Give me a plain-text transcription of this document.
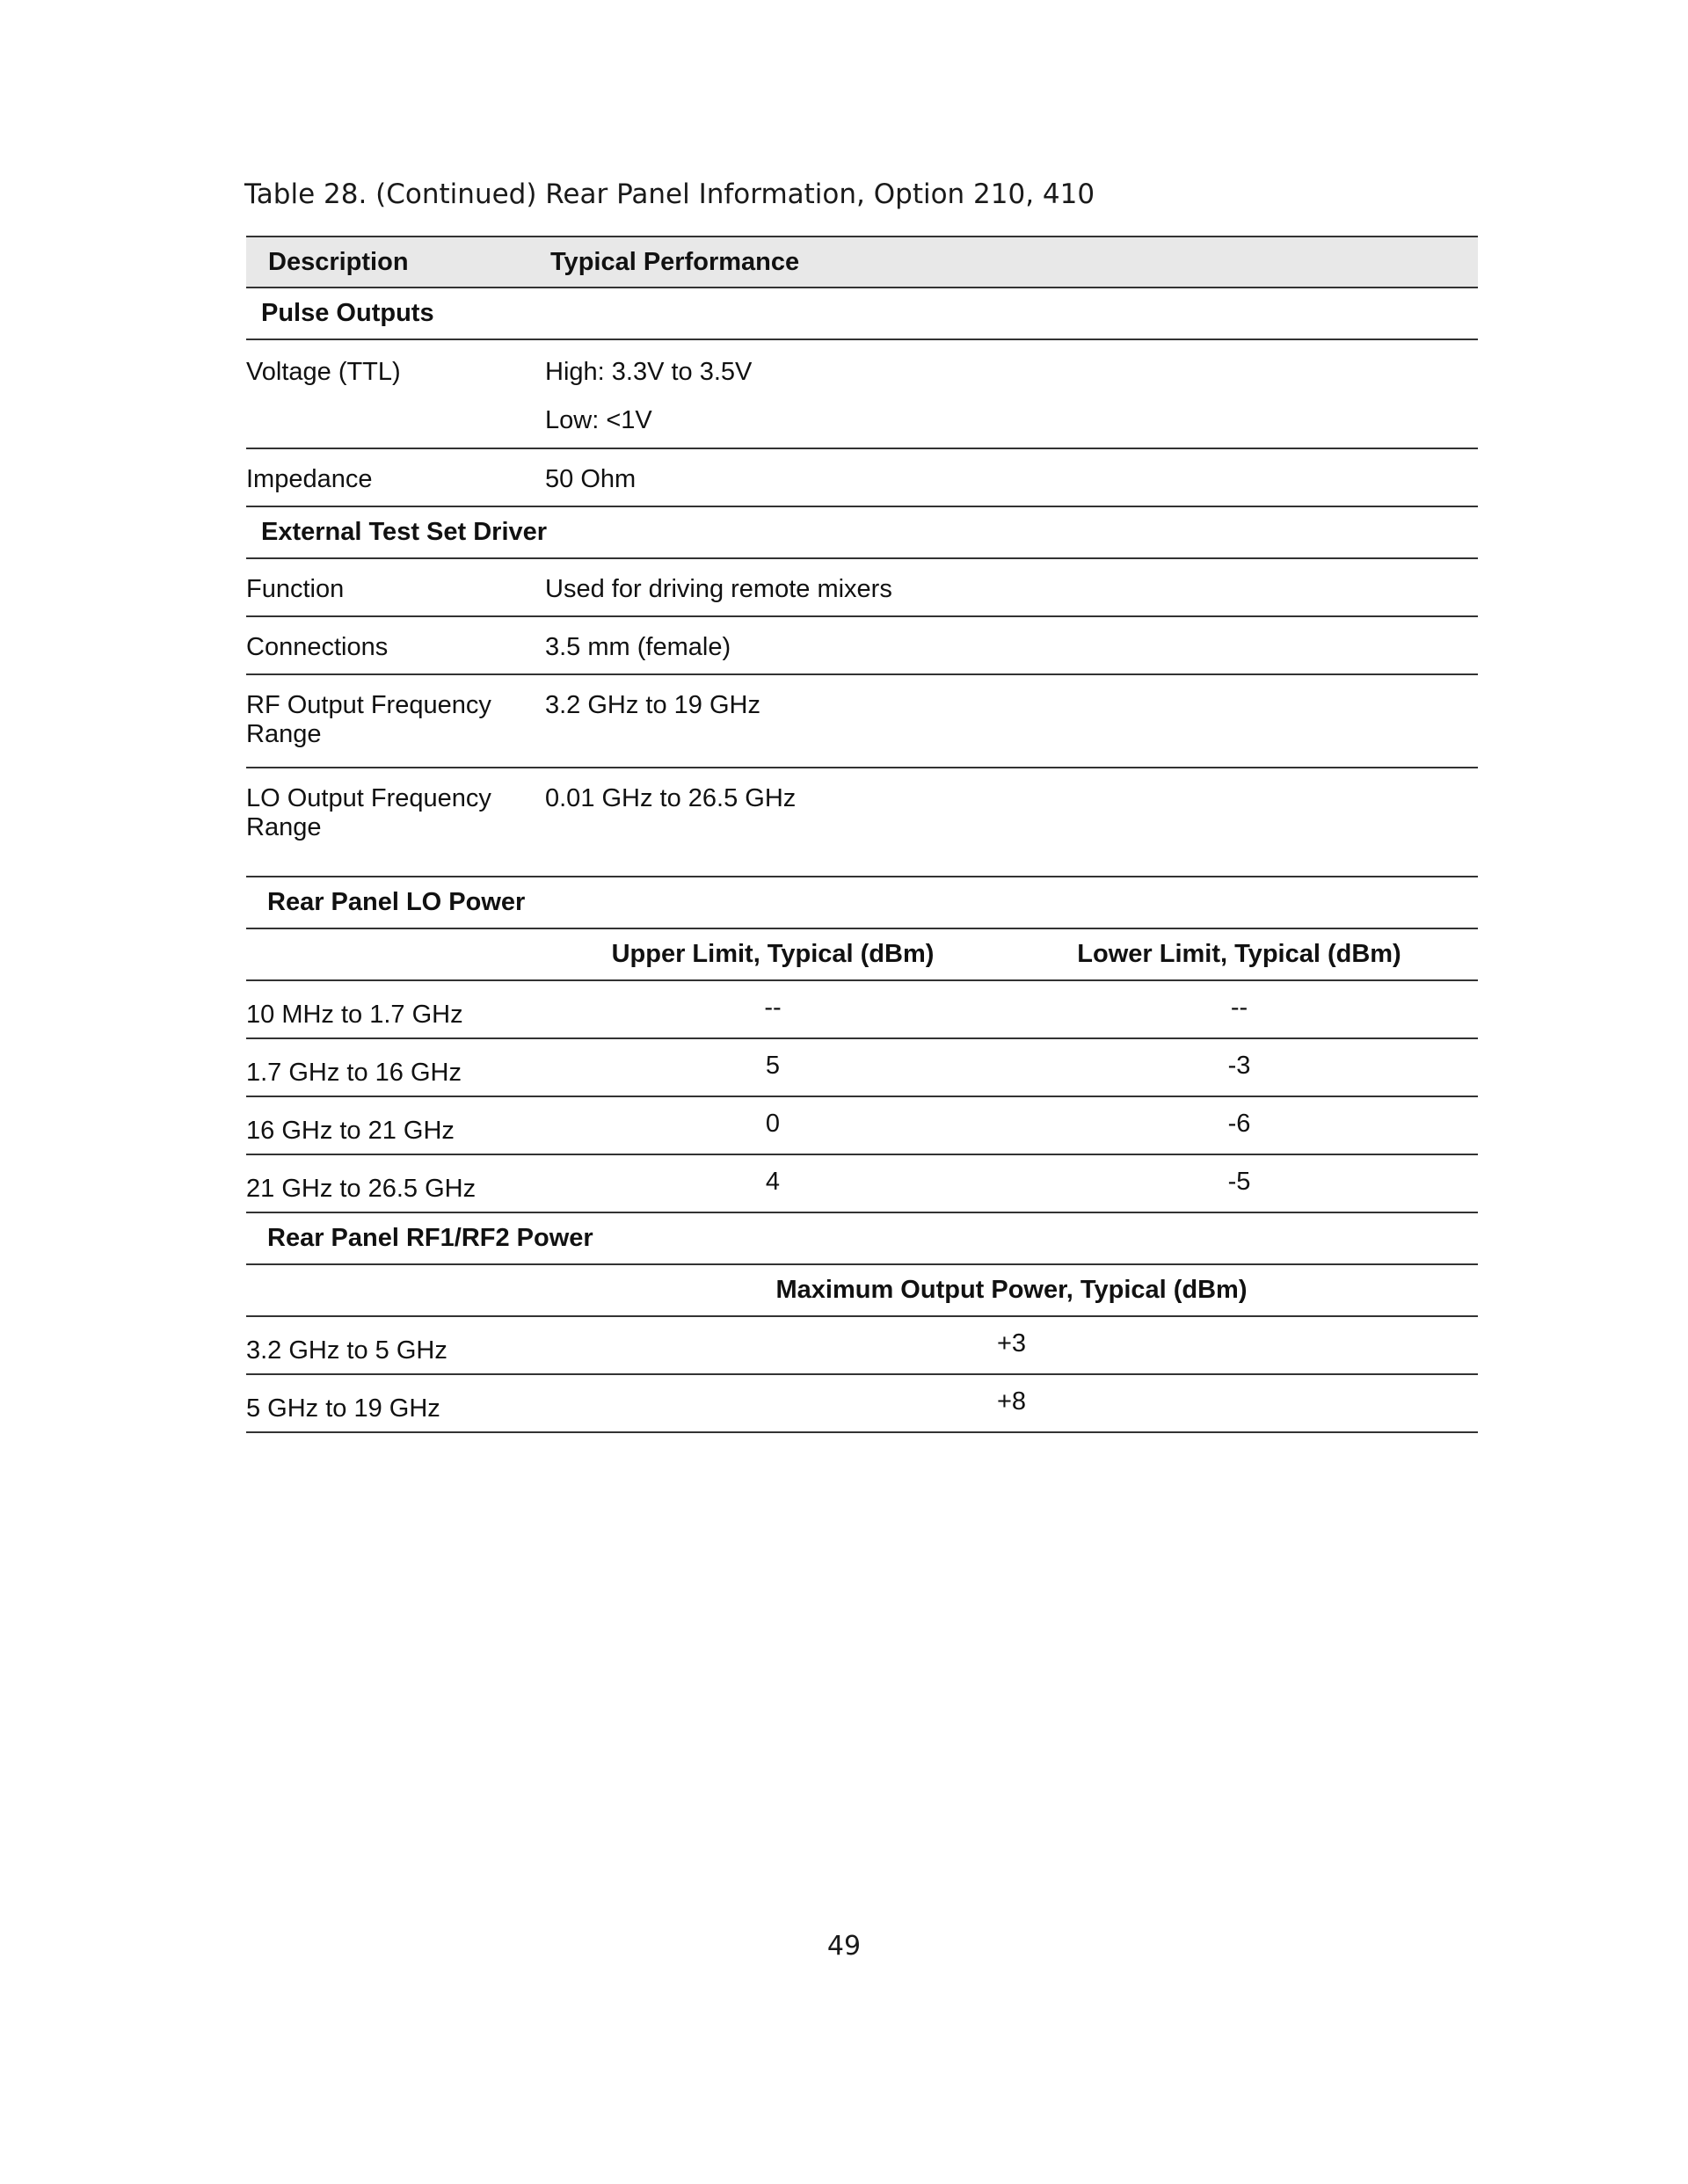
Table 28. (Continued) Rear Panel Information, Option 210, 410
Description	Typical Performance	
Pulse Outputs		
Voltage (TTL)	High: 3.3V to 3.5V
Low: <1V	

Impedance	50 Ohm	
External Test Set Driver		
Function	Used for driving remote mixers	
Connections	3.5 mm (female)	
RF Output Frequency Range	3.2 GHz to 19 GHz	
LO Output Frequency Range	0.01 GHz to 26.5 GHz	
Rear Panel LO Power		
	Upper Limit, Typical (dBm)	Lower Limit, Typical (dBm)
10 MHz to 1.7 GHz	--	--
1.7 GHz to 16 GHz	5	-3
16 GHz to 21 GHz	0	-6
21 GHz to 26.5 GHz	4	-5
Rear Panel RF1/RF2 Power		
	Maximum Output Power, Typical (dBm)	
3.2 GHz to 5 GHz	+3	
5 GHz to 19 GHz	+8	
49
